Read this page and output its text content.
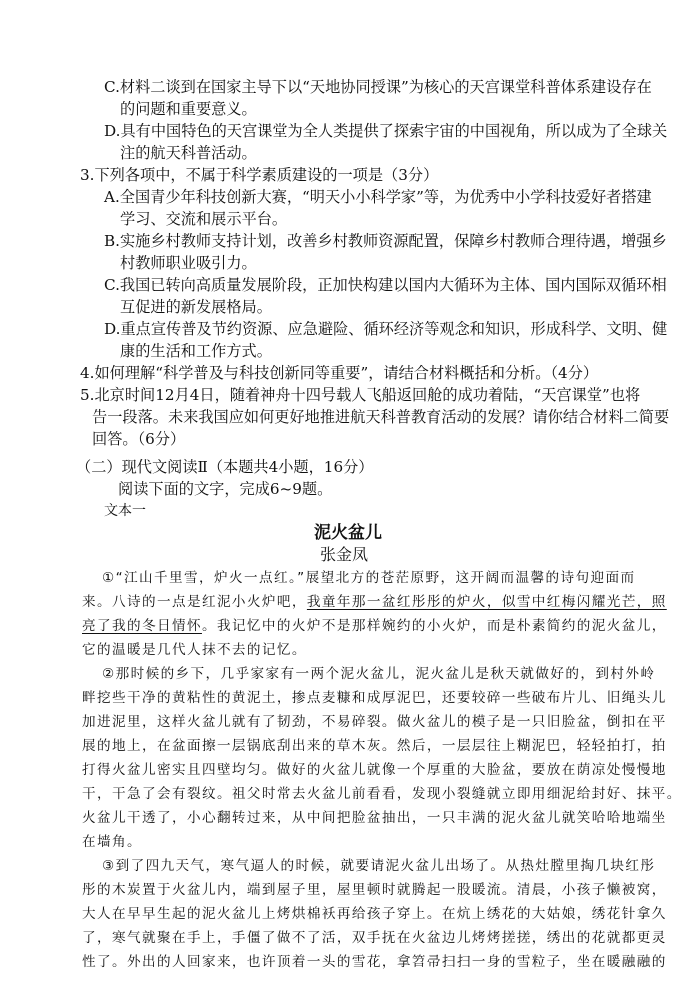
C.材料二谈到在国家主导下以“天地协同授课”为核心的天宫课堂科普体系建设存在
的问题和重要意义。
D.具有中国特色的天宫课堂为全人类提供了探索宇宙的中国视角，所以成为了全球关
注的航天科普活动。
3.下列各项中，不属于科学素质建设的一项是（3分）
A.全国青少年科技创新大赛，“明天小小科学家”等，为优秀中小学科技爱好者搭建
学习、交流和展示平台。
B.实施乡村教师支持计划，改善乡村教师资源配置，保障乡村教师合理待遇，增强乡
村教师职业吸引力。
C.我国已转向高质量发展阶段，正加快构建以国内大循环为主体、国内国际双循环相
互促进的新发展格局。
D.重点宣传普及节约资源、应急避险、循环经济等观念和知识，形成科学、文明、健
康的生活和工作方式。
4.如何理解“科学普及与科技创新同等重要”，请结合材料概括和分析。（4分）
5.北京时间12月4日，随着神舟十四号载人飞船返回舱的成功着陆，“天宫课堂”也将
告一段落。未来我国应如何更好地推进航天科普教育活动的发展？请你结合材料二简要
回答。（6分）
（二）现代文阅读Ⅱ（本题共4小题，16分）
阅读下面的文字，完成6~9题。
文本一
泥火盆儿
张金凤
①“江山千里雪，炉火一点红。”展望北方的苍茫原野，这开阔而温馨的诗句迎面而
来。八诗的一点是红泥小火炉吧，我童年那一盆红彤彤的炉火，似雪中红梅闪耀光芒，照
亮了我的冬日情怀。我记忆中的火炉不是那样婉约的小火炉，而是朴素简约的泥火盆儿，
它的温暖是几代人抹不去的记忆。
②那时候的乡下，几乎家家有一两个泥火盆儿，泥火盆儿是秋天就做好的，到村外岭
畔挖些干净的黄粘性的黄泥土，掺点麦糠和成厚泥巴，还要较碎一些破布片儿、旧绳头儿
加进泥里，这样火盆儿就有了韧劲，不易碎裂。做火盆儿的模子是一只旧脸盆，倒扣在平
展的地上，在盆面擦一层锅底刮出来的草木灰。然后，一层层往上糊泥巴，轻轻拍打，拍
打得火盆儿密实且四壁均匀。做好的火盆儿就像一个厚重的大脸盆，要放在荫凉处慢慢地
干，干急了会有裂纹。祖父时常去火盆儿前看看，发现小裂缝就立即用细泥给封好、抹平。
火盆儿干透了，小心翻转过来，从中间把脸盆抽出，一只丰满的泥火盆儿就笑哈哈地端坐
在墙角。
③到了四九天气，寒气逼人的时候，就要请泥火盆儿出场了。从热灶膛里掏几块红彤
彤的木炭置于火盆儿内，端到屋子里，屋里顿时就腾起一股暖流。清晨，小孩子懒被窝，
大人在早早生起的泥火盆儿上烤烘棉袄再给孩子穿上。在炕上绣花的大姑娘，绣花针拿久
了，寒气就聚在手上，手僵了做不了活，双手抚在火盆边儿烤烤搓搓，绣出的花就都更灵
性了。外出的人回家来，也许顶着一头的雪花，拿笤帚扫扫一身的雪粒子，坐在暖融融的
